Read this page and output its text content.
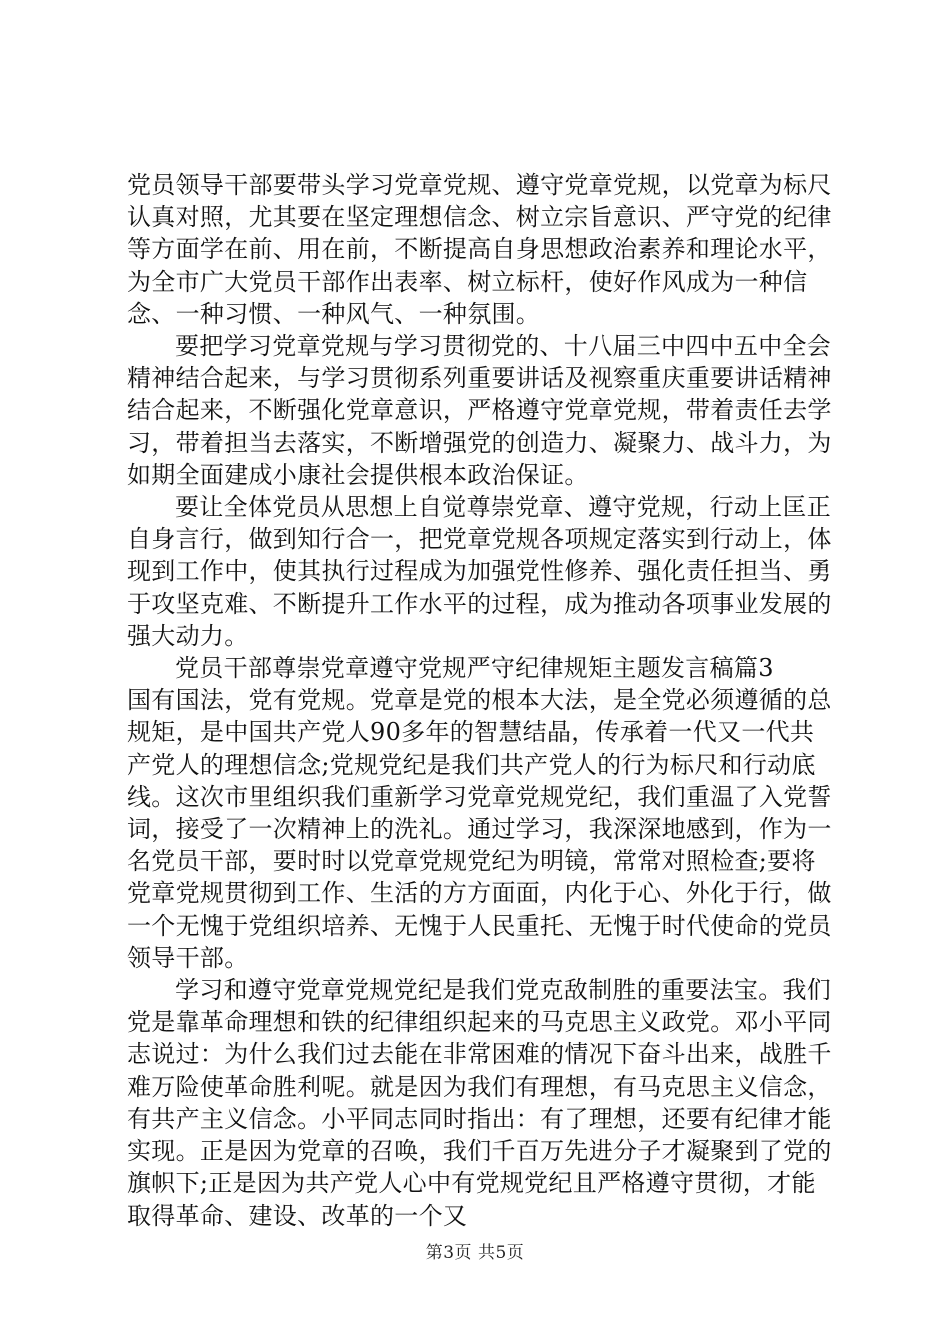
党员领导干部要带头学习党章党规、遵守党章党规，以党章为标尺认真对照，尤其要在坚定理想信念、树立宗旨意识、严守党的纪律等方面学在前、用在前，不断提高自身思想政治素养和理论水平，为全市广大党员干部作出表率、树立标杆，使好作风成为一种信念、一种习惯、一种风气、一种氛围。

要把学习党章党规与学习贯彻党的、十八届三中四中五中全会精神结合起来，与学习贯彻系列重要讲话及视察重庆重要讲话精神结合起来，不断强化党章意识，严格遵守党章党规，带着责任去学习，带着担当去落实，不断增强党的创造力、凝聚力、战斗力，为如期全面建成小康社会提供根本政治保证。

要让全体党员从思想上自觉尊崇党章、遵守党规，行动上匡正自身言行，做到知行合一，把党章党规各项规定落实到行动上，体现到工作中，使其执行过程成为加强党性修养、强化责任担当、勇于攻坚克难、不断提升工作水平的过程，成为推动各项事业发展的强大动力。

党员干部尊崇党章遵守党规严守纪律规矩主题发言稿篇3

国有国法，党有党规。党章是党的根本大法，是全党必须遵循的总规矩，是中国共产党人90多年的智慧结晶，传承着一代又一代共产党人的理想信念;党规党纪是我们共产党人的行为标尺和行动底线。这次市里组织我们重新学习党章党规党纪，我们重温了入党誓词，接受了一次精神上的洗礼。通过学习，我深深地感到，作为一名党员干部，要时时以党章党规党纪为明镜，常常对照检查;要将党章党规贯彻到工作、生活的方方面面，内化于心、外化于行，做一个无愧于党组织培养、无愧于人民重托、无愧于时代使命的党员领导干部。

学习和遵守党章党规党纪是我们党克敌制胜的重要法宝。我们党是靠革命理想和铁的纪律组织起来的马克思主义政党。邓小平同志说过：为什么我们过去能在非常困难的情况下奋斗出来，战胜千难万险使革命胜利呢。就是因为我们有理想，有马克思主义信念，有共产主义信念。小平同志同时指出：有了理想，还要有纪律才能实现。正是因为党章的召唤，我们千百万先进分子才凝聚到了党的旗帜下;正是因为共产党人心中有党规党纪且严格遵守贯彻，才能取得革命、建设、改革的一个又

第3页 共5页
